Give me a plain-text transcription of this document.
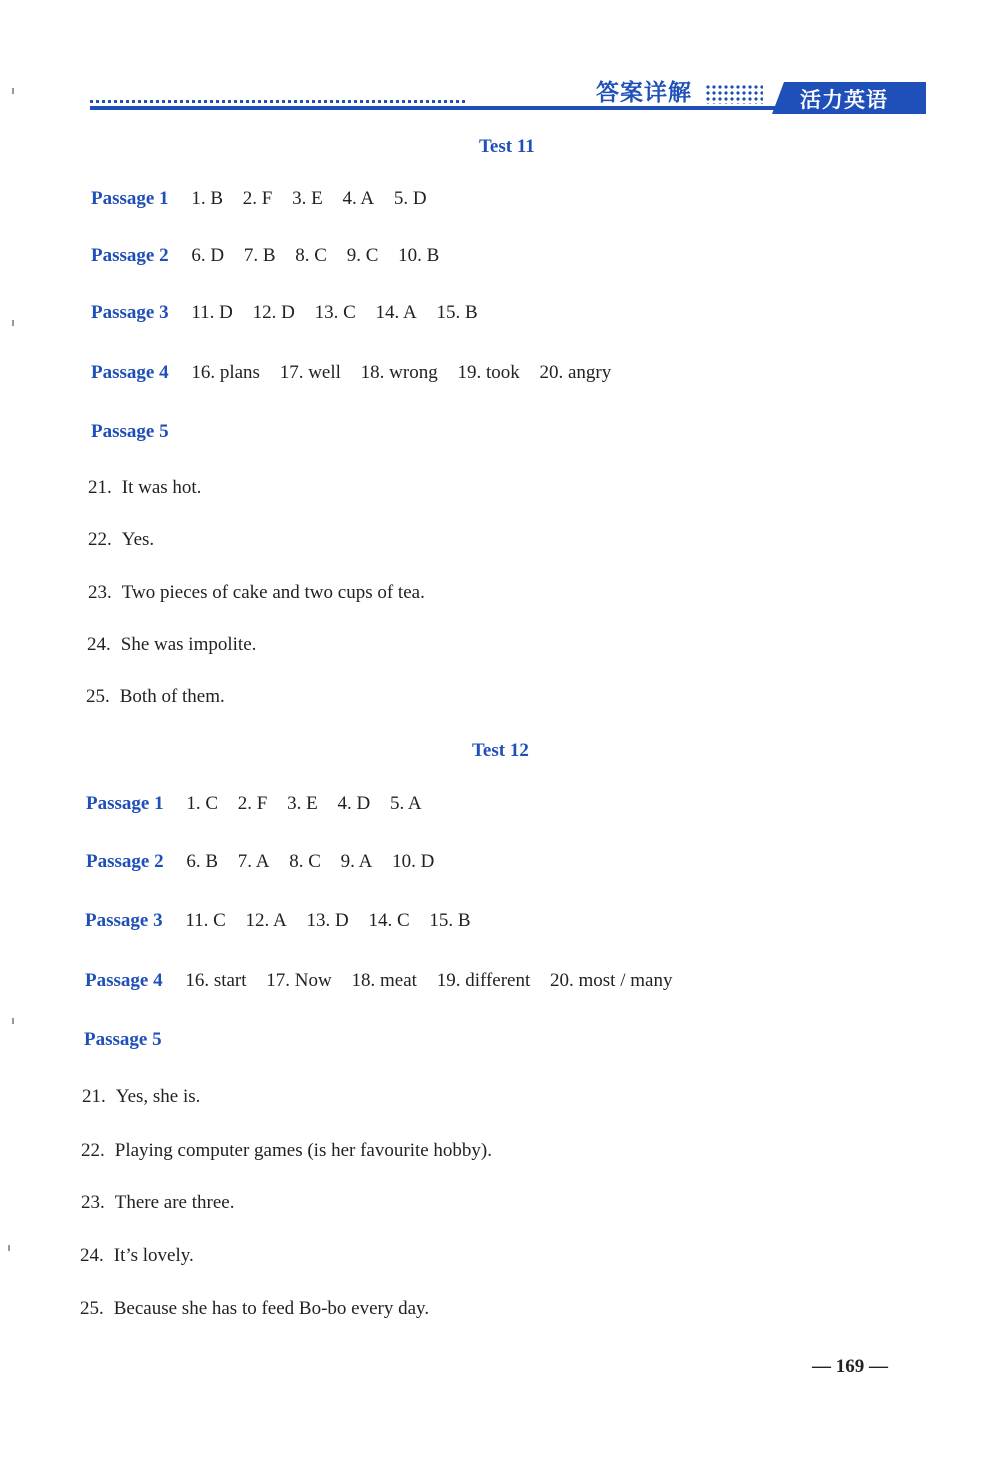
答案详解	活力英语
Test 11
Passage 1 1. B 2. F 3. E 4. A 5. D
Passage 2 6. D 7. B 8. C 9. C 10. B
Passage 3 11. D 12. D 13. C 14. A 15. B
Passage 4 16. plans 17. well 18. wrong 19. took 20. angry
Passage 5
21. It was hot.
22. Yes.
23. Two pieces of cake and two cups of tea.
24. She was impolite.
25. Both of them.
Test 12
Passage 1 1. C 2. F 3. E 4. D 5. A
Passage 2 6. B 7. A 8. C 9. A 10. D
Passage 3 11. C 12. A 13. D 14. C 15. B
Passage 4 16. start 17. Now 18. meat 19. different 20. most / many
Passage 5
21. Yes, she is.
22. Playing computer games (is her favourite hobby).
23. There are three.
24. It’s lovely.
25. Because she has to feed Bo-bo every day.
— 169 —
